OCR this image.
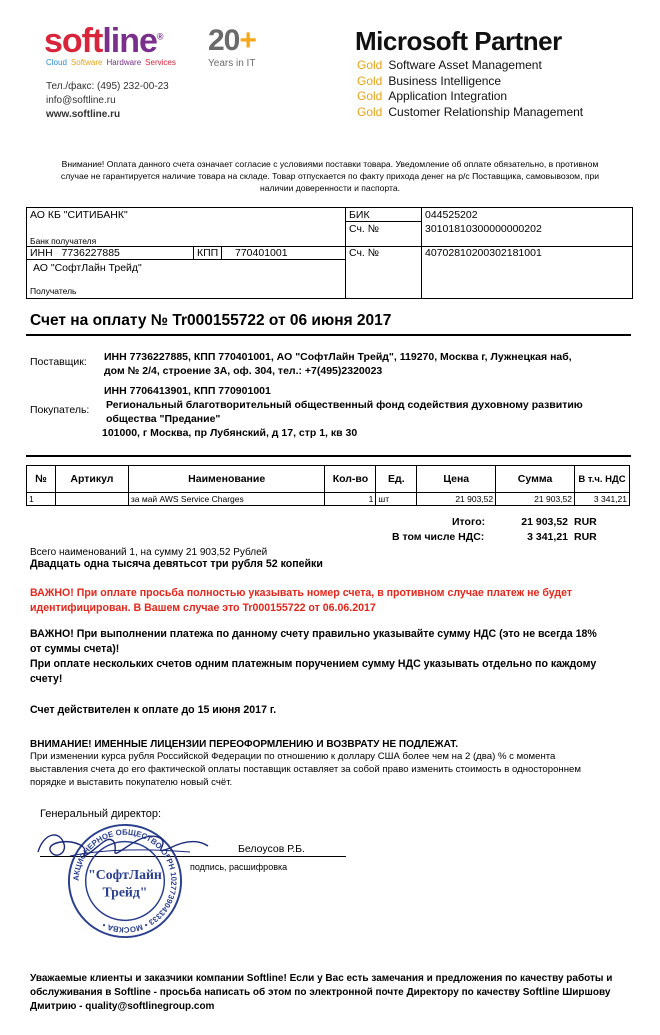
softline®
Cloud Software Hardware Services
20+
Years in IT
Тел./факс: (495) 232-00-23
info@softline.ru
www.softline.ru
Microsoft Partner
Gold Software Asset Management
Gold Business Intelligence
Gold Application Integration
Gold Customer Relationship Management
Внимание! Оплата данного счета означает согласие с условиями поставки товара. Уведомление об оплате обязательно, в противном случае не гарантируется наличие товара на складе. Товар отпускается по факту прихода денег на р/с Поставщика, самовывозом, при наличии доверенности и паспорта.
АО КБ "СИТИБАНК"
Банк получателя
БИК	044525202
Сч. №	30101810300000000202
ИНН 7736227885	КПП 770401001	Сч. №	40702810200302181001
АО "СофтЛайн Трейд"
Получатель
Счет на оплату № Tr000155722 от 06 июня 2017
Поставщик: ИНН 7736227885, КПП 770401001, АО "СофтЛайн Трейд", 119270, Москва г, Лужнецкая наб,
дом № 2/4, строение 3А, оф. 304, тел.: +7(495)2320023
Покупатель:
ИНН 7706413901, КПП 770901001
Региональный благотворительный общественный фонд содействия духовному развитию
общества "Предание"
101000, г Москва, пр Лубянский, д 17, стр 1, кв 30
№	Артикул	Наименование	Кол-во	Ед.	Цена	Сумма	В т.ч. НДС
1		за май AWS Service Charges	1	шт	21 903,52	21 903,52	3 341,21
Итого:	21 903,52 RUR
В том числе НДС:	3 341,21 RUR
Всего наименований 1, на сумму 21 903,52 Рублей
Двадцать одна тысяча девятьсот три рубля 52 копейки
ВАЖНО! При оплате просьба полностью указывать номер счета, в противном случае платеж не будет
идентифицирован. В Вашем случае это Tr000155722 от 06.06.2017
ВАЖНО! При выполнении платежа по данному счету правильно указывайте сумму НДС (это не всегда 18%
от суммы счета)!
При оплате нескольких счетов одним платежным поручением сумму НДС указывать отдельно по каждому
счету!
Счет действителен к оплате до 15 июня 2017 г.
ВНИМАНИЕ! ИМЕННЫЕ ЛИЦЕНЗИИ ПЕРЕОФОРМЛЕНИЮ И ВОЗВРАТУ НЕ ПОДЛЕЖАТ.
При изменении курса рубля Российской Федерации по отношению к доллару США более чем на 2 (два) % с момента
выставления счета до его фактической оплаты поставщик оставляет за собой право изменить стоимость в одностороннем
порядке и выставить покупателю новый счёт.
Генеральный директор:
Белоусов Р.Б.
подпись, расшифровка
АКЦИОНЕРНОЕ ОБЩЕСТВО ОГРН 1027739043333 • МОСКВА •
"СофтЛайн
Трейд"
Уважаемые клиенты и заказчики компании Softline! Если у Вас есть замечания и предложения по качеству работы и
обслуживания в Softline - просьба написать об этом по электронной почте Директору по качеству Softline Ширшову
Дмитрию - quality@softlinegroup.com
